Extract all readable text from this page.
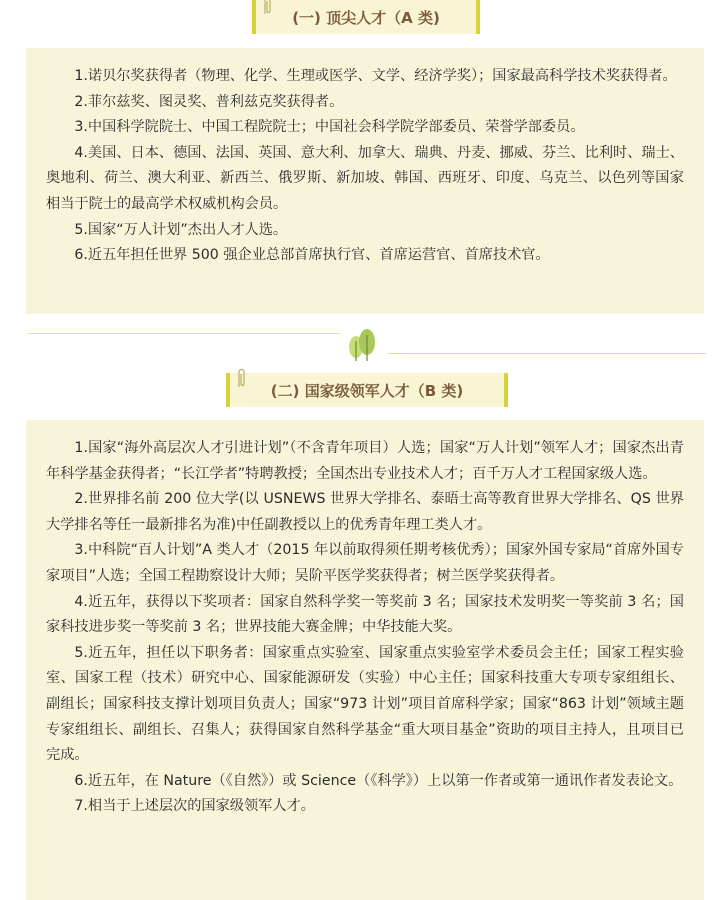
(一) 顶尖人才（A 类)

1.诺贝尔奖获得者（物理、化学、生理或医学、文学、经济学奖）；国家最高科学技术奖获得者。

2.菲尔兹奖、图灵奖、普利兹克奖获得者。

3.中国科学院院士、中国工程院院士；中国社会科学院学部委员、荣誉学部委员。

4.美国、日本、德国、法国、英国、意大利、加拿大、瑞典、丹麦、挪威、芬兰、比利时、瑞士、奥地利、荷兰、澳大利亚、新西兰、俄罗斯、新加坡、韩国、西班牙、印度、乌克兰、以色列等国家相当于院士的最高学术权威机构会员。

5.国家“万人计划”杰出人才人选。

6.近五年担任世界 500 强企业总部首席执行官、首席运营官、首席技术官。

(二) 国家级领军人才（B 类)

1.国家“海外高层次人才引进计划”（不含青年项目）人选；国家“万人计划”领军人才；国家杰出青年科学基金获得者；“长江学者”特聘教授；全国杰出专业技术人才；百千万人才工程国家级人选。

2.世界排名前 200 位大学(以 USNEWS 世界大学排名、泰晤士高等教育世界大学排名、QS 世界大学排名等任一最新排名为准)中任副教授以上的优秀青年理工类人才。

3.中科院“百人计划”A 类人才（2015 年以前取得须任期考核优秀）；国家外国专家局“首席外国专家项目”人选；全国工程勘察设计大师；吴阶平医学奖获得者；树兰医学奖获得者。

4.近五年，获得以下奖项者：国家自然科学奖一等奖前 3 名；国家技术发明奖一等奖前 3 名；国家科技进步奖一等奖前 3 名；世界技能大赛金牌；中华技能大奖。

5.近五年，担任以下职务者：国家重点实验室、国家重点实验室学术委员会主任；国家工程实验室、国家工程（技术）研究中心、国家能源研发（实验）中心主任；国家科技重大专项专家组组长、副组长；国家科技支撑计划项目负责人；国家“973 计划”项目首席科学家；国家“863 计划”领域主题专家组组长、副组长、召集人；获得国家自然科学基金“重大项目基金”资助的项目主持人，且项目已完成。

6.近五年，在 Nature（《自然》）或 Science（《科学》）上以第一作者或第一通讯作者发表论文。

7.相当于上述层次的国家级领军人才。
